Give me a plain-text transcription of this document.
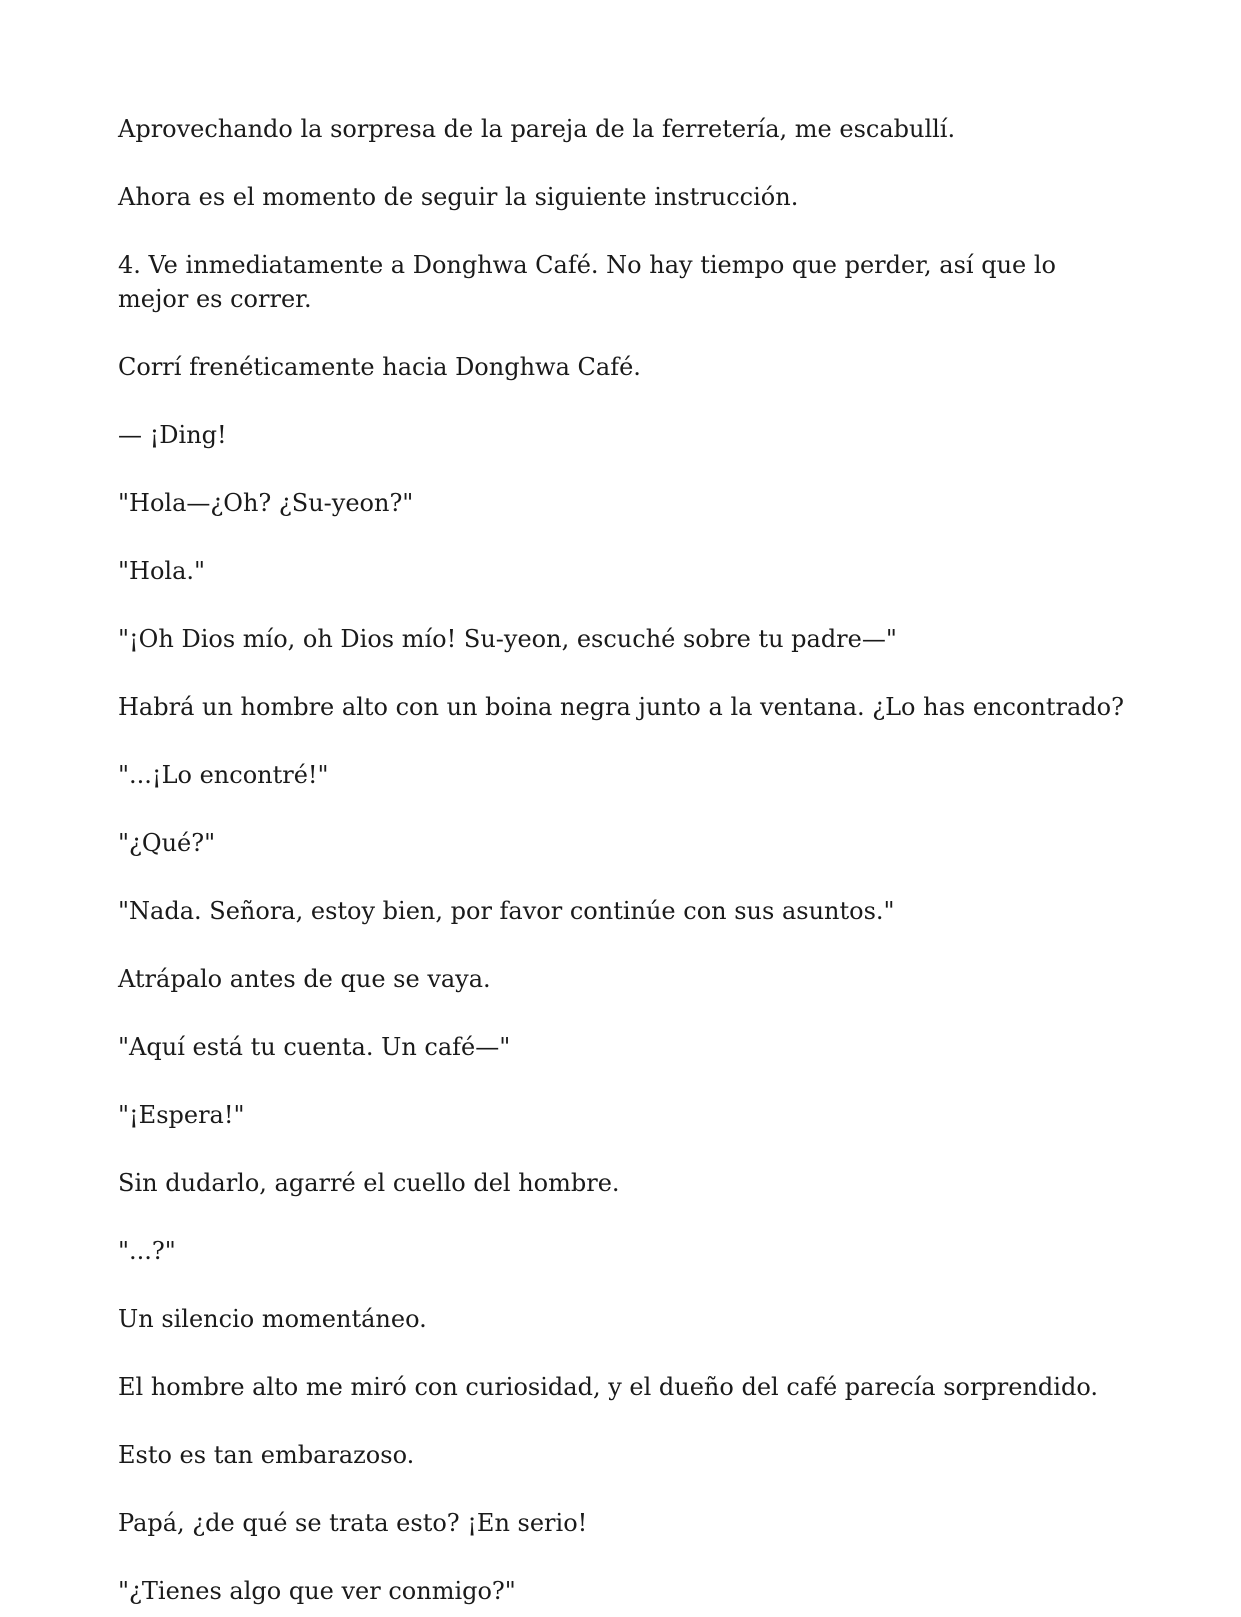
Aprovechando la sorpresa de la pareja de la ferretería, me escabullí.

Ahora es el momento de seguir la siguiente instrucción.

4. Ve inmediatamente a Donghwa Café. No hay tiempo que perder, así que lo mejor es correr.

Corrí frenéticamente hacia Donghwa Café.

— ¡Ding!

"Hola—¿Oh? ¿Su-yeon?"

"Hola."

"¡Oh Dios mío, oh Dios mío! Su-yeon, escuché sobre tu padre—"

Habrá un hombre alto con un boina negra junto a la ventana. ¿Lo has encontrado?

"...¡Lo encontré!"

"¿Qué?"

"Nada. Señora, estoy bien, por favor continúe con sus asuntos."

Atrápalo antes de que se vaya.

"Aquí está tu cuenta. Un café—"

"¡Espera!"

Sin dudarlo, agarré el cuello del hombre.

"...?"

Un silencio momentáneo.

El hombre alto me miró con curiosidad, y el dueño del café parecía sorprendido.

Esto es tan embarazoso.

Papá, ¿de qué se trata esto? ¡En serio!

"¿Tienes algo que ver conmigo?"
